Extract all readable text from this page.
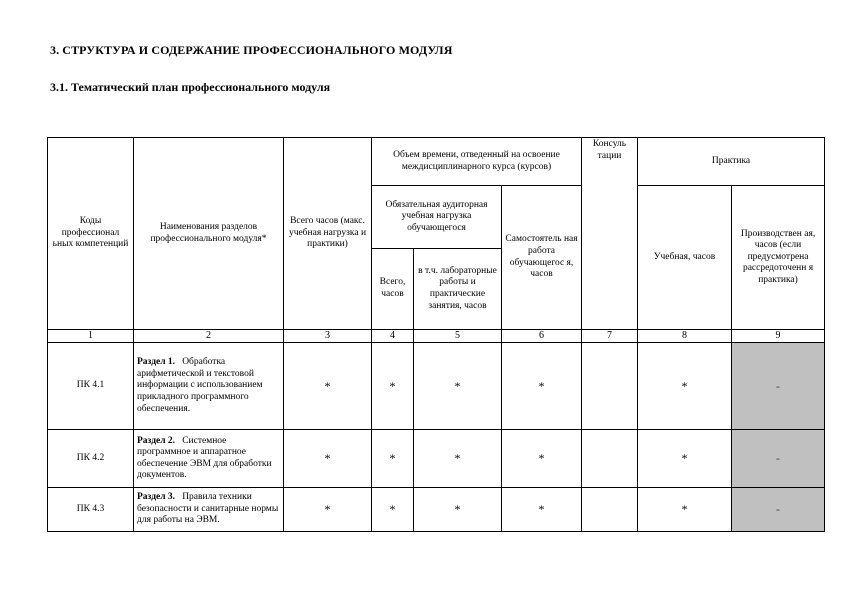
3. СТРУКТУРА И СОДЕРЖАНИЕ ПРОФЕССИОНАЛЬНОГО МОДУЛЯ
3.1. Тематический план профессионального модуля
Коды профессионал ьных компетенций	Наименования разделов профессионального модуля*	Всего часов (макс. учебная нагрузка и практики)	Объем времени, отведенный на освоение междисциплинарного курса (курсов)			Консуль тации	Практика	
			Обязательная аудиторная учебная нагрузка обучающегося		Самостоятель ная работа обучающегос я, часов		Учебная, часов	Производствен ая, часов (если предусмотрена рассредоточенн я практика)
			Всего, часов	в т.ч. лабораторные работы и практические занятия, часов				
1	2	3	4	5	6	7	8	9
ПК 4.1	Раздел 1. Обработка арифметической и текстовой информации с использованием прикладного программного обеспечения.	*	*	*	*		*	-
ПК 4.2	Раздел 2. Системное программное и аппаратное обеспечение ЭВМ для обработки документов.	*	*	*	*		*	-
ПК 4.3	Раздел 3. Правила техники безопасности и санитарные нормы для работы на ЭВМ.	*	*	*	*		*	-
